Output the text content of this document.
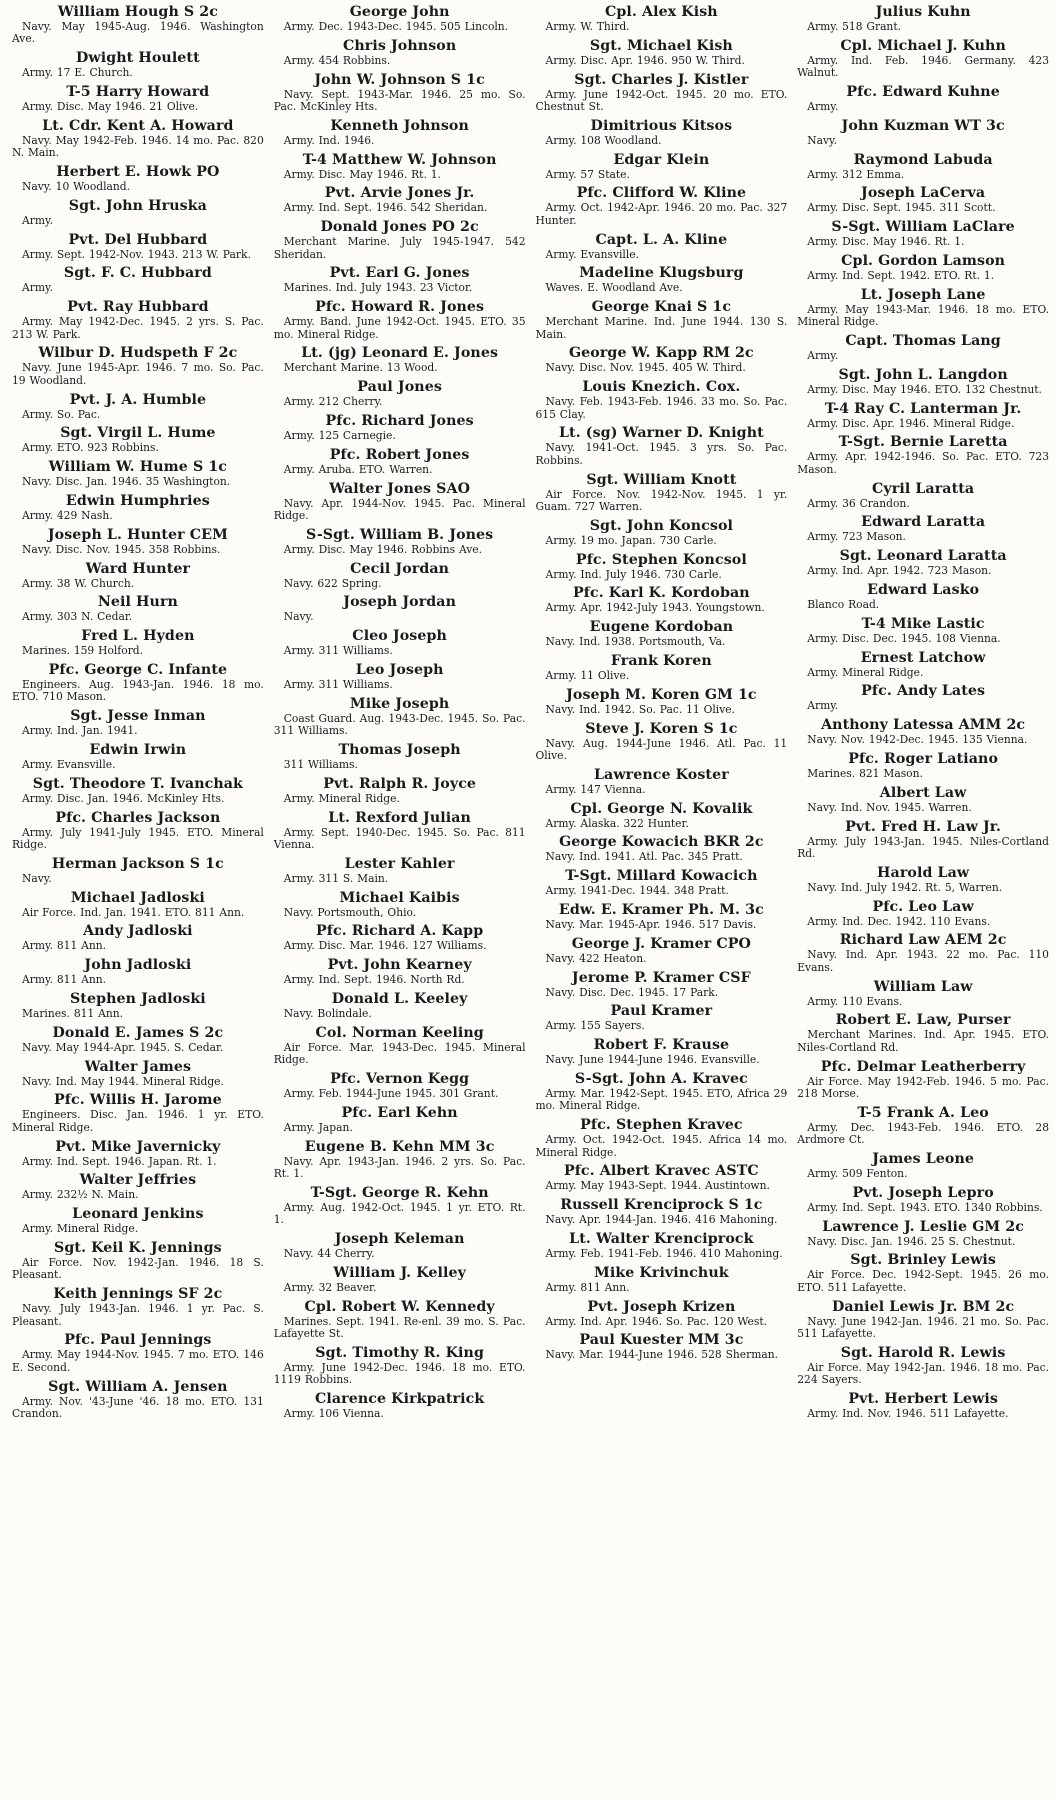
William Hough S 2c
Navy. May 1945-Aug. 1946. Washington Ave.
Dwight Houlett
Army. 17 E. Church.
T-5 Harry Howard
Army. Disc. May 1946. 21 Olive.
Lt. Cdr. Kent A. Howard
Navy. May 1942-Feb. 1946. 14 mo. Pac. 820 N. Main.
Herbert E. Howk PO
Navy. 10 Woodland.
Sgt. John Hruska
Army.
Pvt. Del Hubbard
Army. Sept. 1942-Nov. 1943. 213 W. Park.
Sgt. F. C. Hubbard
Army.
Pvt. Ray Hubbard
Army. May 1942-Dec. 1945. 2 yrs. S. Pac. 213 W. Park.
Wilbur D. Hudspeth F 2c
Navy. June 1945-Apr. 1946. 7 mo. So. Pac. 19 Woodland.
Pvt. J. A. Humble
Army. So. Pac.
Sgt. Virgil L. Hume
Army. ETO. 923 Robbins.
William W. Hume S 1c
Navy. Disc. Jan. 1946. 35 Washington.
Edwin Humphries
Army. 429 Nash.
Joseph L. Hunter CEM
Navy. Disc. Nov. 1945. 358 Robbins.
Ward Hunter
Army. 38 W. Church.
Neil Hurn
Army. 303 N. Cedar.
Fred L. Hyden
Marines. 159 Holford.
Pfc. George C. Infante
Engineers. Aug. 1943-Jan. 1946. 18 mo. ETO. 710 Mason.
Sgt. Jesse Inman
Army. Ind. Jan. 1941.
Edwin Irwin
Army. Evansville.
Sgt. Theodore T. Ivanchak
Army. Disc. Jan. 1946. McKinley Hts.
Pfc. Charles Jackson
Army. July 1941-July 1945. ETO. Mineral Ridge.
Herman Jackson S 1c
Navy.
Michael Jadloski
Air Force. Ind. Jan. 1941. ETO. 811 Ann.
Andy Jadloski
Army. 811 Ann.
John Jadloski
Army. 811 Ann.
Stephen Jadloski
Marines. 811 Ann.
Donald E. James S 2c
Navy. May 1944-Apr. 1945. S. Cedar.
Walter James
Navy. Ind. May 1944. Mineral Ridge.
Pfc. Willis H. Jarome
Engineers. Disc. Jan. 1946. 1 yr. ETO. Mineral Ridge.
Pvt. Mike Javernicky
Army. Ind. Sept. 1946. Japan. Rt. 1.
Walter Jeffries
Army. 232½ N. Main.
Leonard Jenkins
Army. Mineral Ridge.
Sgt. Keil K. Jennings
Air Force. Nov. 1942-Jan. 1946. 18 S. Pleasant.
Keith Jennings SF 2c
Navy. July 1943-Jan. 1946. 1 yr. Pac. S. Pleasant.
Pfc. Paul Jennings
Army. May 1944-Nov. 1945. 7 mo. ETO. 146 E. Second.
Sgt. William A. Jensen
Army. Nov. '43-June '46. 18 mo. ETO. 131 Crandon.
George John
Army. Dec. 1943-Dec. 1945. 505 Lincoln.
Chris Johnson
Army. 454 Robbins.
John W. Johnson S 1c
Navy. Sept. 1943-Mar. 1946. 25 mo. So. Pac. McKinley Hts.
Kenneth Johnson
Army. Ind. 1946.
T-4 Matthew W. Johnson
Army. Disc. May 1946. Rt. 1.
Pvt. Arvie Jones Jr.
Army. Ind. Sept. 1946. 542 Sheridan.
Donald Jones PO 2c
Merchant Marine. July 1945-1947. 542 Sheridan.
Pvt. Earl G. Jones
Marines. Ind. July 1943. 23 Victor.
Pfc. Howard R. Jones
Army. Band. June 1942-Oct. 1945. ETO. 35 mo. Mineral Ridge.
Lt. (jg) Leonard E. Jones
Merchant Marine. 13 Wood.
Paul Jones
Army. 212 Cherry.
Pfc. Richard Jones
Army. 125 Carnegie.
Pfc. Robert Jones
Army. Aruba. ETO. Warren.
Walter Jones SAO
Navy. Apr. 1944-Nov. 1945. Pac. Mineral Ridge.
S-Sgt. William B. Jones
Army. Disc. May 1946. Robbins Ave.
Cecil Jordan
Navy. 622 Spring.
Joseph Jordan
Navy.
Cleo Joseph
Army. 311 Williams.
Leo Joseph
Army. 311 Williams.
Mike Joseph
Coast Guard. Aug. 1943-Dec. 1945. So. Pac. 311 Williams.
Thomas Joseph
311 Williams.
Pvt. Ralph R. Joyce
Army. Mineral Ridge.
Lt. Rexford Julian
Army. Sept. 1940-Dec. 1945. So. Pac. 811 Vienna.
Lester Kahler
Army. 311 S. Main.
Michael Kaibis
Navy. Portsmouth, Ohio.
Pfc. Richard A. Kapp
Army. Disc. Mar. 1946. 127 Williams.
Pvt. John Kearney
Army. Ind. Sept. 1946. North Rd.
Donald L. Keeley
Navy. Bolindale.
Col. Norman Keeling
Air Force. Mar. 1943-Dec. 1945. Mineral Ridge.
Pfc. Vernon Kegg
Army. Feb. 1944-June 1945. 301 Grant.
Pfc. Earl Kehn
Army. Japan.
Eugene B. Kehn MM 3c
Navy. Apr. 1943-Jan. 1946. 2 yrs. So. Pac. Rt. 1.
T-Sgt. George R. Kehn
Army. Aug. 1942-Oct. 1945. 1 yr. ETO. Rt. 1.
Joseph Keleman
Navy. 44 Cherry.
William J. Kelley
Army. 32 Beaver.
Cpl. Robert W. Kennedy
Marines. Sept. 1941. Re-enl. 39 mo. S. Pac. Lafayette St.
Sgt. Timothy R. King
Army. June 1942-Dec. 1946. 18 mo. ETO. 1119 Robbins.
Clarence Kirkpatrick
Army. 106 Vienna.
Cpl. Alex Kish
Army. W. Third.
Sgt. Michael Kish
Army. Disc. Apr. 1946. 950 W. Third.
Sgt. Charles J. Kistler
Army. June 1942-Oct. 1945. 20 mo. ETO. Chestnut St.
Dimitrious Kitsos
Army. 108 Woodland.
Edgar Klein
Army. 57 State.
Pfc. Clifford W. Kline
Army. Oct. 1942-Apr. 1946. 20 mo. Pac. 327 Hunter.
Capt. L. A. Kline
Army. Evansville.
Madeline Klugsburg
Waves. E. Woodland Ave.
George Knai S 1c
Merchant Marine. Ind. June 1944. 130 S. Main.
George W. Kapp RM 2c
Navy. Disc. Nov. 1945. 405 W. Third.
Louis Knezich. Cox.
Navy. Feb. 1943-Feb. 1946. 33 mo. So. Pac. 615 Clay.
Lt. (sg) Warner D. Knight
Navy. 1941-Oct. 1945. 3 yrs. So. Pac. Robbins.
Sgt. William Knott
Air Force. Nov. 1942-Nov. 1945. 1 yr. Guam. 727 Warren.
Sgt. John Koncsol
Army. 19 mo. Japan. 730 Carle.
Pfc. Stephen Koncsol
Army. Ind. July 1946. 730 Carle.
Pfc. Karl K. Kordoban
Army. Apr. 1942-July 1943. Youngstown.
Eugene Kordoban
Navy. Ind. 1938. Portsmouth, Va.
Frank Koren
Army. 11 Olive.
Joseph M. Koren GM 1c
Navy. Ind. 1942. So. Pac. 11 Olive.
Steve J. Koren S 1c
Navy. Aug. 1944-June 1946. Atl. Pac. 11 Olive.
Lawrence Koster
Army. 147 Vienna.
Cpl. George N. Kovalik
Army. Alaska. 322 Hunter.
George Kowacich BKR 2c
Navy. Ind. 1941. Atl. Pac. 345 Pratt.
T-Sgt. Millard Kowacich
Army. 1941-Dec. 1944. 348 Pratt.
Edw. E. Kramer Ph. M. 3c
Navy. Mar. 1945-Apr. 1946. 517 Davis.
George J. Kramer CPO
Navy. 422 Heaton.
Jerome P. Kramer CSF
Navy. Disc. Dec. 1945. 17 Park.
Paul Kramer
Army. 155 Sayers.
Robert F. Krause
Navy. June 1944-June 1946. Evansville.
S-Sgt. John A. Kravec
Army. Mar. 1942-Sept. 1945. ETO, Africa 29 mo. Mineral Ridge.
Pfc. Stephen Kravec
Army. Oct. 1942-Oct. 1945. Africa 14 mo. Mineral Ridge.
Pfc. Albert Kravec ASTC
Army. May 1943-Sept. 1944. Austintown.
Russell Krenciprock S 1c
Navy. Apr. 1944-Jan. 1946. 416 Mahoning.
Lt. Walter Krenciprock
Army. Feb. 1941-Feb. 1946. 410 Mahoning.
Mike Krivinchuk
Army. 811 Ann.
Pvt. Joseph Krizen
Army. Ind. Apr. 1946. So. Pac. 120 West.
Paul Kuester MM 3c
Navy. Mar. 1944-June 1946. 528 Sherman.
Julius Kuhn
Army. 518 Grant.
Cpl. Michael J. Kuhn
Army. Ind. Feb. 1946. Germany. 423 Walnut.
Pfc. Edward Kuhne
Army.
John Kuzman WT 3c
Navy.
Raymond Labuda
Army. 312 Emma.
Joseph LaCerva
Army. Disc. Sept. 1945. 311 Scott.
S-Sgt. William LaClare
Army. Disc. May 1946. Rt. 1.
Cpl. Gordon Lamson
Army. Ind. Sept. 1942. ETO. Rt. 1.
Lt. Joseph Lane
Army. May 1943-Mar. 1946. 18 mo. ETO. Mineral Ridge.
Capt. Thomas Lang
Army.
Sgt. John L. Langdon
Army. Disc. May 1946. ETO. 132 Chestnut.
T-4 Ray C. Lanterman Jr.
Army. Disc. Apr. 1946. Mineral Ridge.
T-Sgt. Bernie Laretta
Army. Apr. 1942-1946. So. Pac. ETO. 723 Mason.
Cyril Laratta
Army. 36 Crandon.
Edward Laratta
Army. 723 Mason.
Sgt. Leonard Laratta
Army. Ind. Apr. 1942. 723 Mason.
Edward Lasko
Blanco Road.
T-4 Mike Lastic
Army. Disc. Dec. 1945. 108 Vienna.
Ernest Latchow
Army. Mineral Ridge.
Pfc. Andy Lates
Army.
Anthony Latessa AMM 2c
Navy. Nov. 1942-Dec. 1945. 135 Vienna.
Pfc. Roger Latiano
Marines. 821 Mason.
Albert Law
Navy. Ind. Nov. 1945. Warren.
Pvt. Fred H. Law Jr.
Army. July 1943-Jan. 1945. Niles-Cortland Rd.
Harold Law
Navy. Ind. July 1942. Rt. 5, Warren.
Pfc. Leo Law
Army. Ind. Dec. 1942. 110 Evans.
Richard Law AEM 2c
Navy. Ind. Apr. 1943. 22 mo. Pac. 110 Evans.
William Law
Army. 110 Evans.
Robert E. Law, Purser
Merchant Marines. Ind. Apr. 1945. ETO. Niles-Cortland Rd.
Pfc. Delmar Leatherberry
Air Force. May 1942-Feb. 1946. 5 mo. Pac. 218 Morse.
T-5 Frank A. Leo
Army. Dec. 1943-Feb. 1946. ETO. 28 Ardmore Ct.
James Leone
Army. 509 Fenton.
Pvt. Joseph Lepro
Army. Ind. Sept. 1943. ETO. 1340 Robbins.
Lawrence J. Leslie GM 2c
Navy. Disc. Jan. 1946. 25 S. Chestnut.
Sgt. Brinley Lewis
Air Force. Dec. 1942-Sept. 1945. 26 mo. ETO. 511 Lafayette.
Daniel Lewis Jr. BM 2c
Navy. June 1942-Jan. 1946. 21 mo. So. Pac. 511 Lafayette.
Sgt. Harold R. Lewis
Air Force. May 1942-Jan. 1946. 18 mo. Pac. 224 Sayers.
Pvt. Herbert Lewis
Army. Ind. Nov. 1946. 511 Lafayette.
